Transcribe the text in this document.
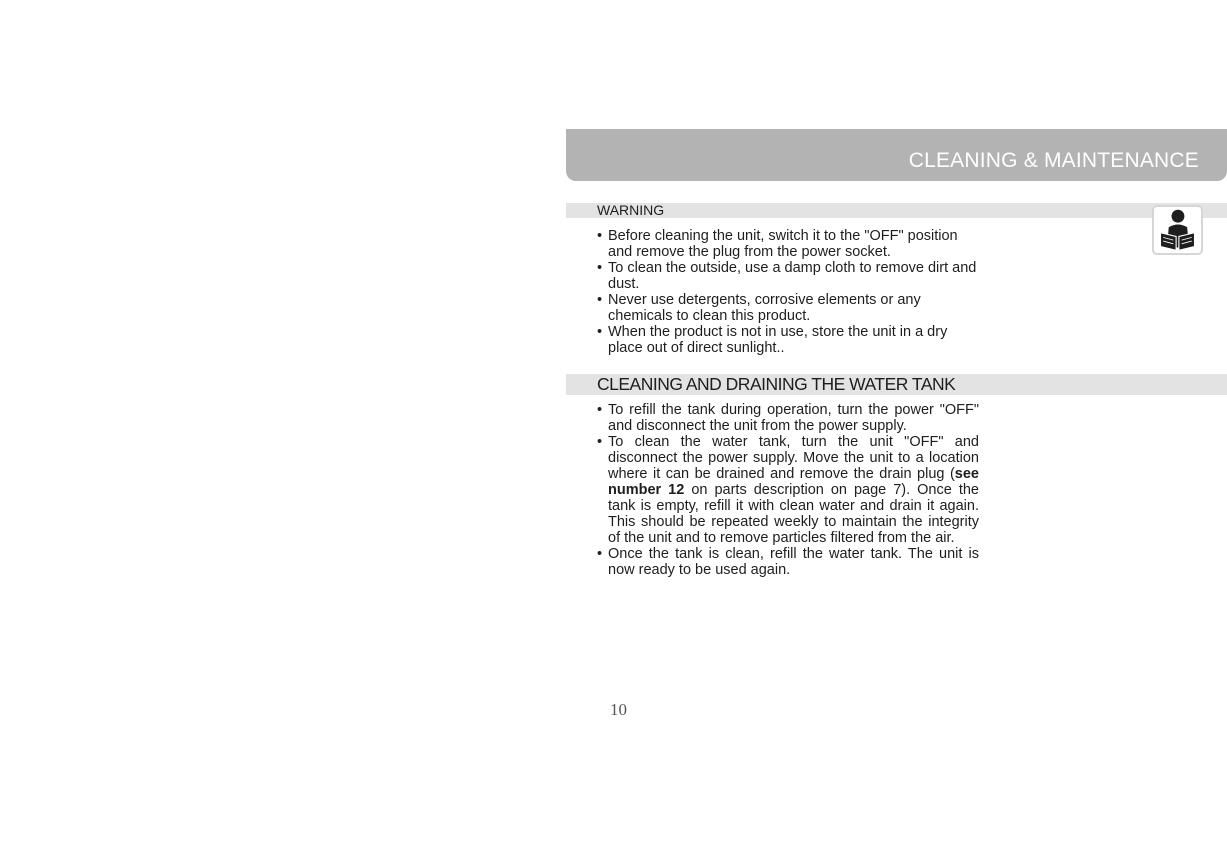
CLEANING & MAINTENANCE
WARNING
• Before cleaning the unit, switch it to the "OFF" position and remove the plug from the power socket.
• To clean the outside, use a damp cloth to remove dirt and dust.
• Never use detergents, corrosive elements or any chemicals to clean this product.
• When the product is not in use, store the unit in a dry place out of direct sunlight..
CLEANING AND DRAINING THE WATER TANK
• To refill the tank during operation, turn the power "OFF" and disconnect the unit from the power supply.
• To clean the water tank, turn the unit "OFF" and disconnect the power supply. Move the unit to a location where it can be drained and remove the drain plug (see number 12 on parts description on page 7). Once the tank is empty, refill it with clean water and drain it again. This should be repeated weekly to maintain the integrity of the unit and to remove particles filtered from the air.
• Once the tank is clean, refill the water tank. The unit is now ready to be used again.
10
